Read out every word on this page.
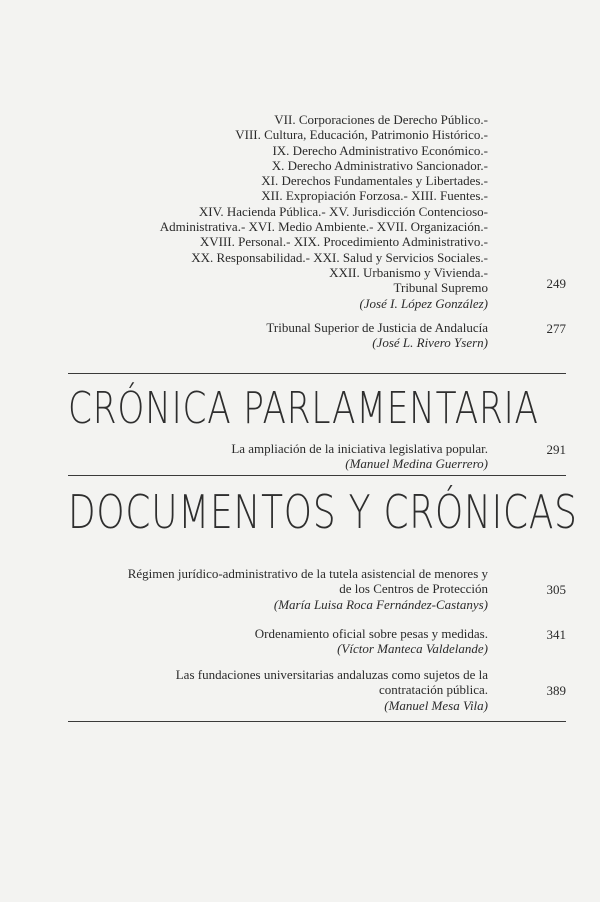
VII. Corporaciones de Derecho Público.-
VIII. Cultura, Educación, Patrimonio Histórico.-
IX. Derecho Administrativo Económico.-
X. Derecho Administrativo Sancionador.-
XI. Derechos Fundamentales y Libertades.-
XII. Expropiación Forzosa.- XIII. Fuentes.-
XIV. Hacienda Pública.- XV. Jurisdicción Contencioso-
Administrativa.- XVI. Medio Ambiente.- XVII. Organización.-
XVIII. Personal.- XIX. Procedimiento Administrativo.-
XX. Responsabilidad.- XXI. Salud y Servicios Sociales.-
XXII. Urbanismo y Vivienda.-
Tribunal Supremo
(José I. López González)
249
Tribunal Superior de Justicia de Andalucía
(José L. Rivero Ysern)
277
CRÓNICA PARLAMENTARIA
La ampliación de la iniciativa legislativa popular.
(Manuel Medina Guerrero)
291
DOCUMENTOS Y CRÓNICAS
Régimen jurídico-administrativo de la tutela asistencial de menores y
de los Centros de Protección
(María Luisa Roca Fernández-Castanys)
305
Ordenamiento oficial sobre pesas y medidas.
(Víctor Manteca Valdelande)
341
Las fundaciones universitarias andaluzas como sujetos de la
contratación pública.
(Manuel Mesa Vila)
389
